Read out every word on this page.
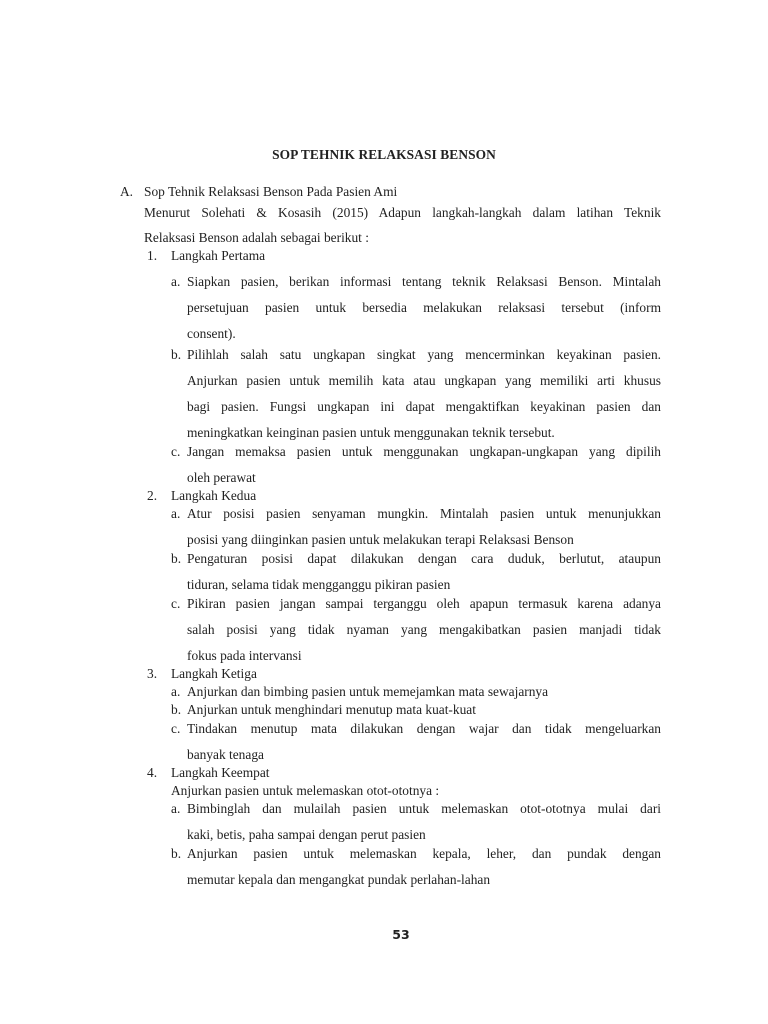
SOP TEHNIK RELAKSASI BENSON
A. Sop Tehnik Relaksasi Benson Pada Pasien Ami
Menurut Solehati & Kosasih (2015) Adapun langkah-langkah dalam latihan Teknik
Relaksasi Benson adalah sebagai berikut :
1. Langkah Pertama
a. Siapkan pasien, berikan informasi tentang teknik Relaksasi Benson. Mintalah
persetujuan pasien untuk bersedia melakukan relaksasi tersebut (inform
consent).
b. Pilihlah salah satu ungkapan singkat yang mencerminkan keyakinan pasien.
Anjurkan pasien untuk memilih kata atau ungkapan yang memiliki arti khusus
bagi pasien. Fungsi ungkapan ini dapat mengaktifkan keyakinan pasien dan
meningkatkan keinginan pasien untuk menggunakan teknik tersebut.
c. Jangan memaksa pasien untuk menggunakan ungkapan-ungkapan yang dipilih
oleh perawat
2. Langkah Kedua
a. Atur posisi pasien senyaman mungkin. Mintalah pasien untuk menunjukkan
posisi yang diinginkan pasien untuk melakukan terapi Relaksasi Benson
b. Pengaturan posisi dapat dilakukan dengan cara duduk, berlutut, ataupun
tiduran, selama tidak mengganggu pikiran pasien
c. Pikiran pasien jangan sampai terganggu oleh apapun termasuk karena adanya
salah posisi yang tidak nyaman yang mengakibatkan pasien manjadi tidak
fokus pada intervansi
3. Langkah Ketiga
a. Anjurkan dan bimbing pasien untuk memejamkan mata sewajarnya
b. Anjurkan untuk menghindari menutup mata kuat-kuat
c. Tindakan menutup mata dilakukan dengan wajar dan tidak mengeluarkan
banyak tenaga
4. Langkah Keempat
Anjurkan pasien untuk melemaskan otot-ototnya :
a. Bimbinglah dan mulailah pasien untuk melemaskan otot-ototnya mulai dari
kaki, betis, paha sampai dengan perut pasien
b. Anjurkan pasien untuk melemaskan kepala, leher, dan pundak dengan
memutar kepala dan mengangkat pundak perlahan-lahan
53
